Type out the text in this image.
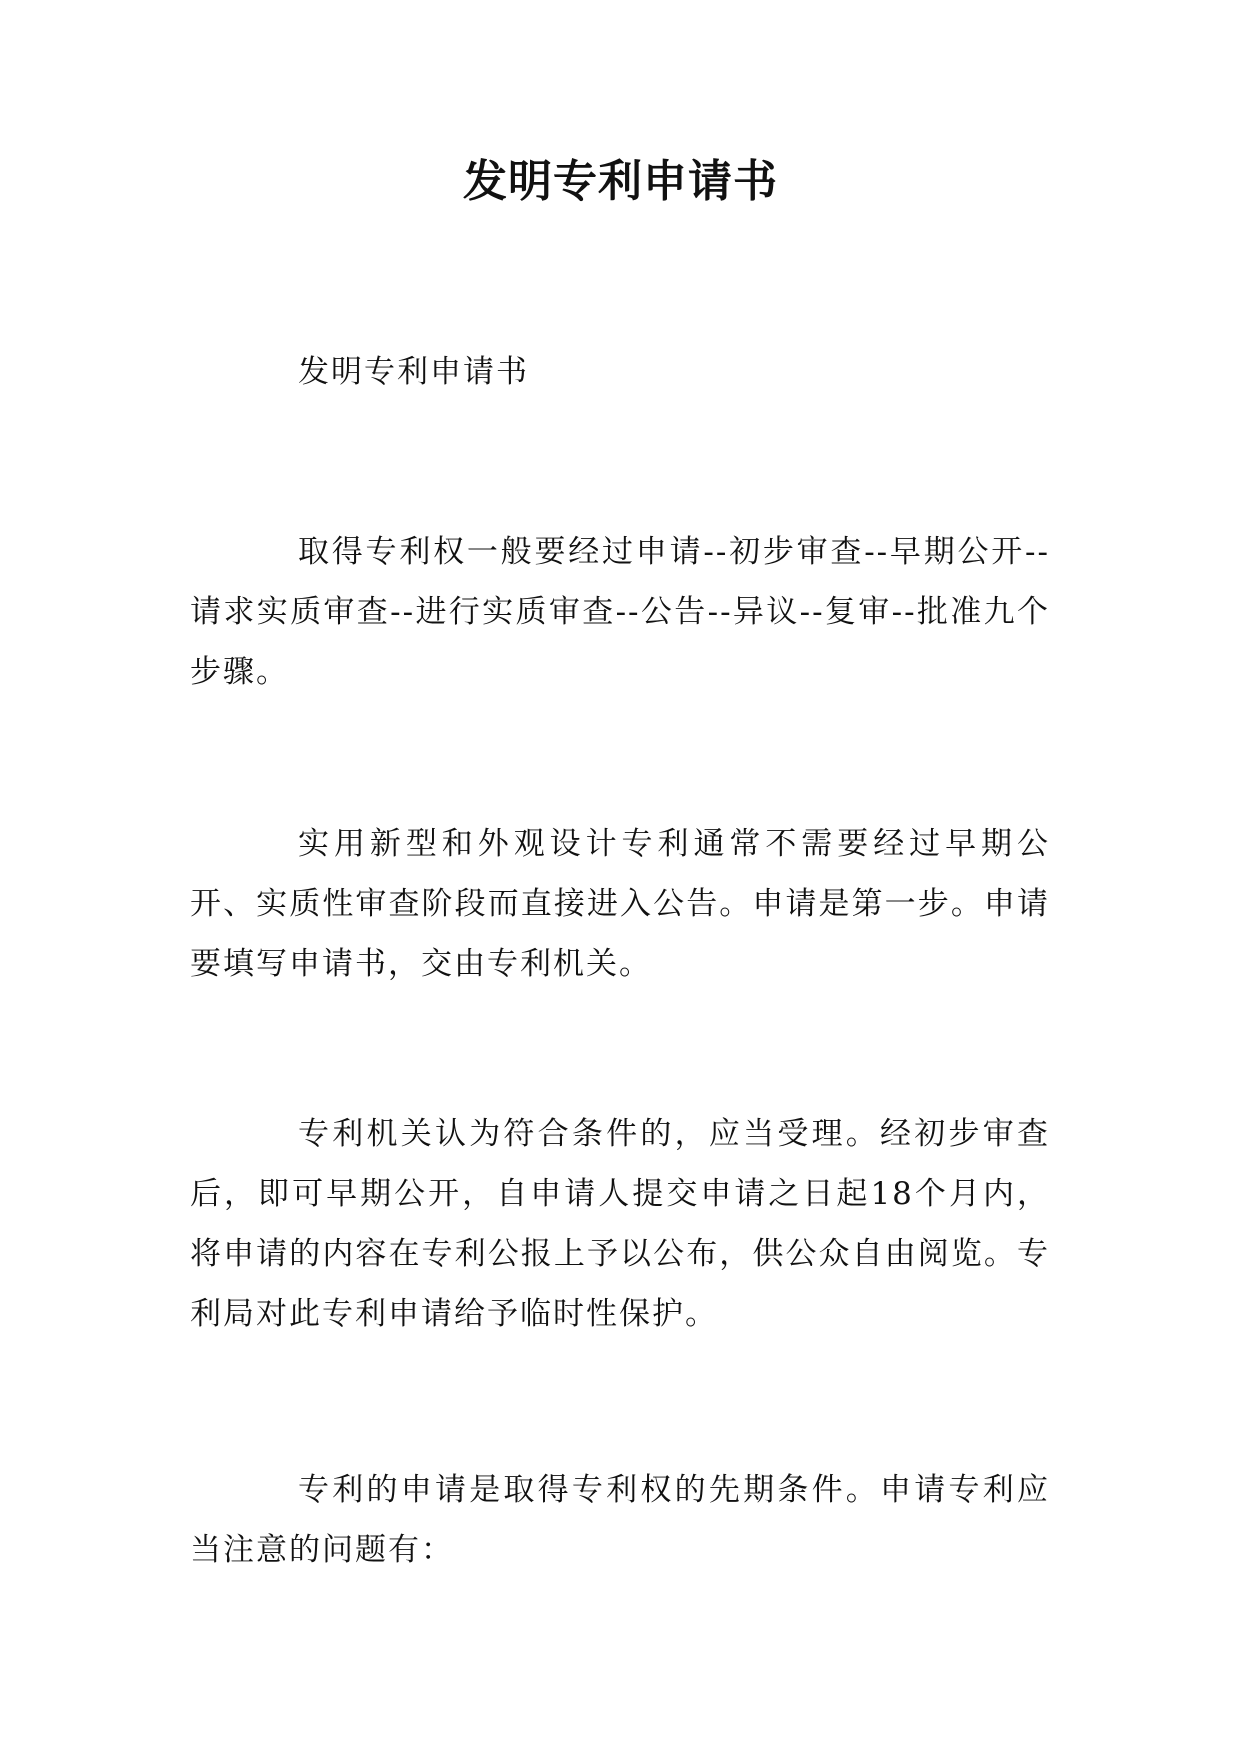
发明专利申请书

发明专利申请书

取得专利权一般要经过申请--初步审查--早期公开--请求实质审查--进行实质审查--公告--异议--复审--批准九个步骤。

实用新型和外观设计专利通常不需要经过早期公开、实质性审查阶段而直接进入公告。申请是第一步。申请要填写申请书，交由专利机关。

专利机关认为符合条件的，应当受理。经初步审查后，即可早期公开，自申请人提交申请之日起18个月内，将申请的内容在专利公报上予以公布，供公众自由阅览。专利局对此专利申请给予临时性保护。

专利的申请是取得专利权的先期条件。申请专利应当注意的问题有：
